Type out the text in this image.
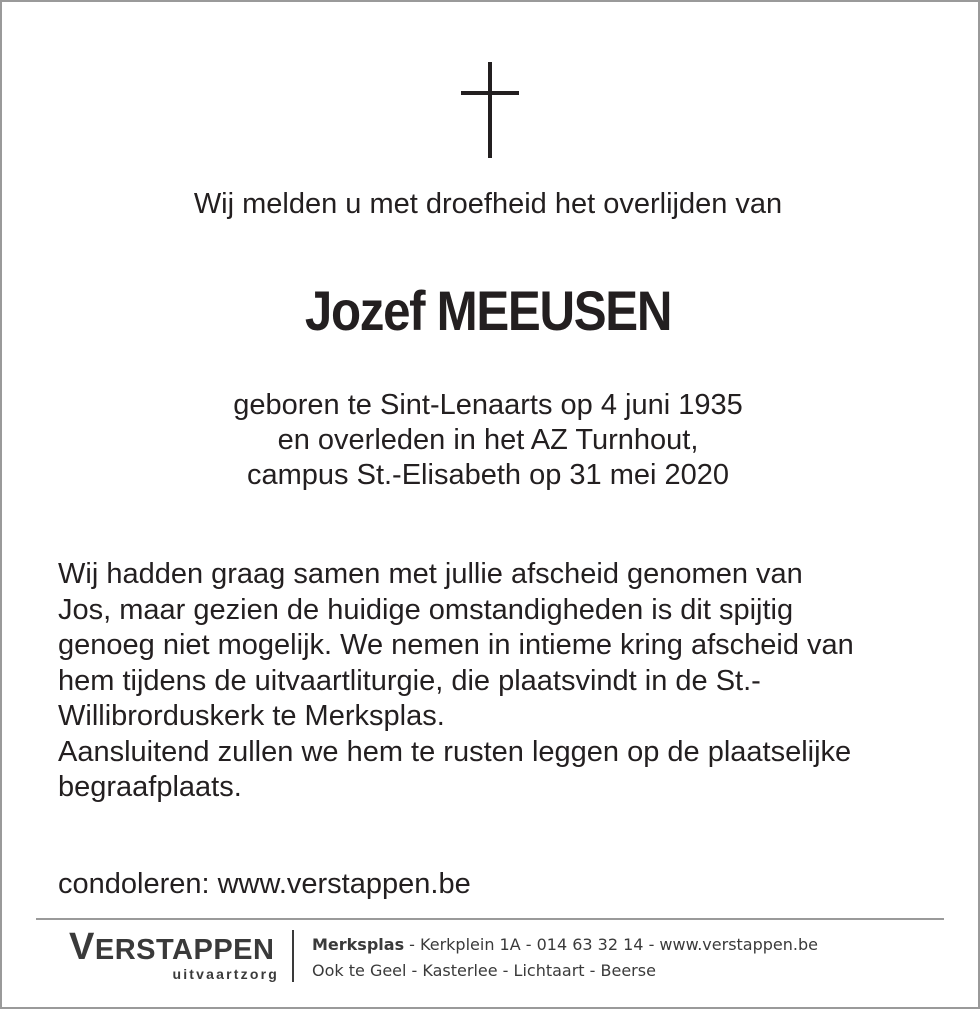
Wij melden u met droefheid het overlijden van
Jozef MEEUSEN
geboren te Sint-Lenaarts op 4 juni 1935
en overleden in het AZ Turnhout,
campus St.-Elisabeth op 31 mei 2020
Wij hadden graag samen met jullie afscheid genomen van
Jos, maar gezien de huidige omstandigheden is dit spijtig
genoeg niet mogelijk. We nemen in intieme kring afscheid van
hem tijdens de uitvaartliturgie, die plaatsvindt in de St.-
Willibrorduskerk te Merksplas.
Aansluitend zullen we hem te rusten leggen op de plaatselijke
begraafplaats.
condoleren: www.verstappen.be
VERSTAPPEN
uitvaartzorg
Merksplas - Kerkplein 1A - 014 63 32 14 - www.verstappen.be
Ook te Geel - Kasterlee - Lichtaart - Beerse
